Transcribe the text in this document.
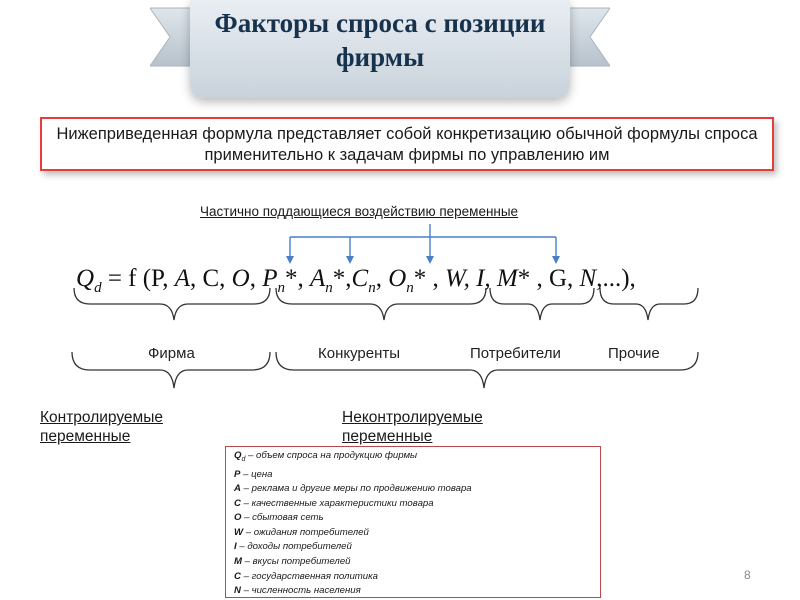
Факторы спроса с позиции фирмы
Нижеприведенная формула представляет собой конкретизацию обычной формулы спроса применительно к задачам фирмы по управлению им
Частично поддающиеся воздействию переменные
$Q_d = f$ (P, А, C, O, $P_n*$, $А_n*,C_n$, $O_n*$ , W, I, M* , G, N,...),
Фирма	Конкуренты	Потребители	Прочие
Контролируемые переменные
Неконтролируемые переменные
$Q_d$ – объем спроса на продукцию фирмы
P – цена
A – реклама и другие меры по продвижению товара
C – качественные характеристики товара
O – сбытовая сеть
W – ожидания потребителей
I – доходы потребителей
M – вкусы потребителей
C – государственная политика
N – численность населения
8
